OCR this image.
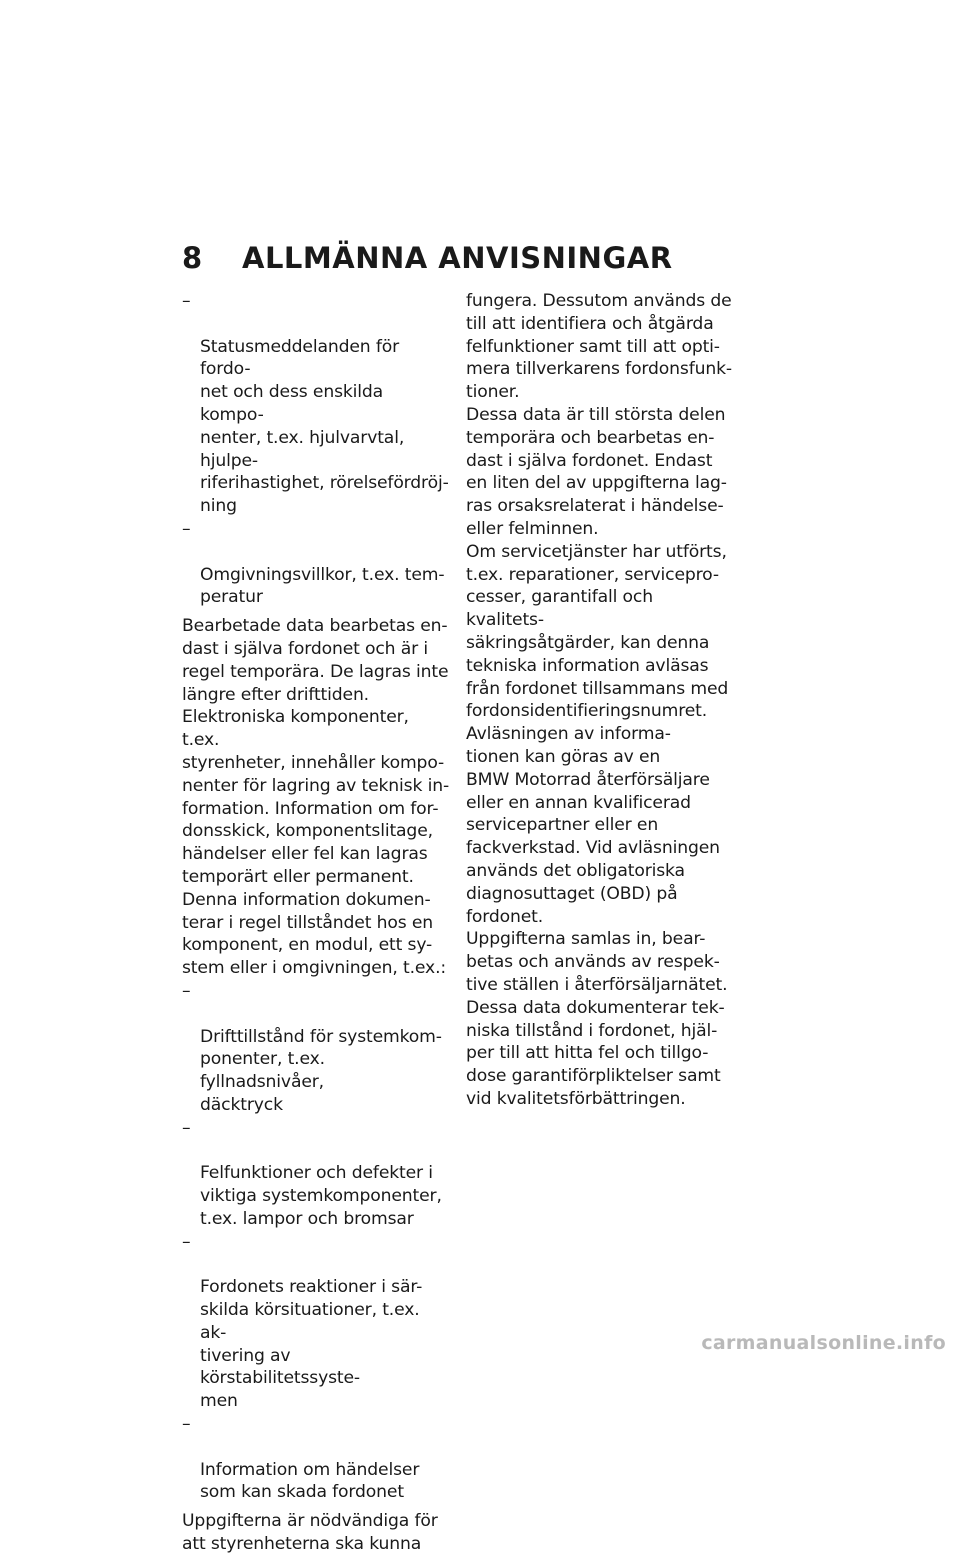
8 ALLMÄNNA ANVISNINGAR

–

Statusmeddelanden för fordo-
net och dess enskilda kompo-
nenter, t.ex. hjulvarvtal, hjulpe-
riferihastighet, rörelsefördröj-
ning

–

Omgivningsvillkor, t.ex. tem-
peratur

Bearbetade data bearbetas en-
dast i själva fordonet och är i
regel temporära. De lagras inte
längre efter drifttiden.
Elektroniska komponenter, t.ex.
styrenheter, innehåller kompo-
nenter för lagring av teknisk in-
formation. Information om for-
donsskick, komponentslitage,
händelser eller fel kan lagras
temporärt eller permanent.
Denna information dokumen-
terar i regel tillståndet hos en
komponent, en modul, ett sy-
stem eller i omgivningen, t.ex.:

–

Drifttillstånd för systemkom-
ponenter, t.ex. fyllnadsnivåer,
däcktryck

–

Felfunktioner och defekter i
viktiga systemkomponenter,
t.ex. lampor och bromsar

–

Fordonets reaktioner i sär-
skilda körsituationer, t.ex. ak-
tivering av körstabilitetssyste-
men

–

Information om händelser
som kan skada fordonet

Uppgifterna är nödvändiga för
att styrenheterna ska kunna

fungera. Dessutom används de
till att identifiera och åtgärda
felfunktioner samt till att opti-
mera tillverkarens fordonsfunk-
tioner.
Dessa data är till största delen
temporära och bearbetas en-
dast i själva fordonet. Endast
en liten del av uppgifterna lag-
ras orsaksrelaterat i händelse-
eller felminnen.
Om servicetjänster har utförts,
t.ex. reparationer, servicepro-
cesser, garantifall och kvalitets-
säkringsåtgärder, kan denna
tekniska information avläsas
från fordonet tillsammans med
fordonsidentifieringsnumret.
Avläsningen av informa-
tionen kan göras av en
BMW Motorrad återförsäljare
eller en annan kvalificerad
servicepartner eller en
fackverkstad. Vid avläsningen
används det obligatoriska
diagnosuttaget (OBD) på
fordonet.
Uppgifterna samlas in, bear-
betas och används av respek-
tive ställen i återförsäljarnätet.
Dessa data dokumenterar tek-
niska tillstånd i fordonet, hjäl-
per till att hitta fel och tillgo-
dose garantiförpliktelser samt
vid kvalitetsförbättringen.

carmanualsonline.info
